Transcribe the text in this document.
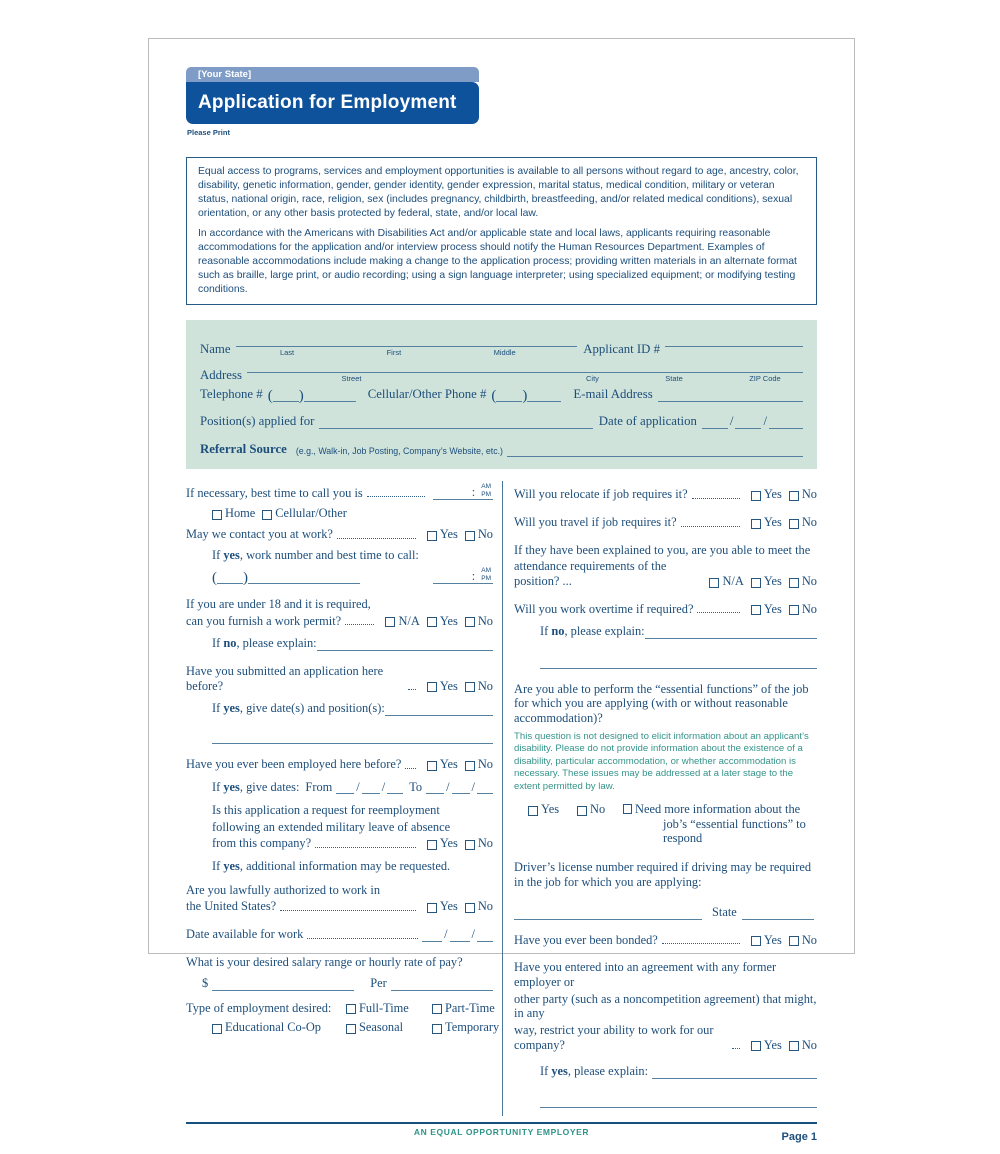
[Your State]
Application for Employment
Please Print

Equal access to programs, services and employment opportunities is available to all persons without regard to age, ancestry, color, disability, genetic information, gender, gender identity, gender expression, marital status, medical condition, military or veteran status, national origin, race, religion, sex (includes pregnancy, childbirth, breastfeeding, and/or related medical conditions), sexual orientation, or any other basis protected by federal, state, and/or local law.

In accordance with the Americans with Disabilities Act and/or applicable state and local laws, applicants requiring reasonable accommodations for the application and/or interview process should notify the Human Resources Department. Examples of reasonable accommodations include making a change to the application process; providing written materials in an alternate format such as braille, large print, or audio recording; using a sign language interpreter; using specialized equipment; or modifying testing conditions.

Name	Last	First	Middle	Applicant ID #

Address	Street	City	State	ZIP Code
Telephone # ( )	Cellular/Other Phone # ( )	E-mail Address
Position(s) applied for	Date of application	/ /
Referral Source (e.g., Walk-in, Job Posting, Company’s Website, etc.)
If necessary, best time to call you is	: AM
PM
Home Cellular/Other
May we contact you at work?	Yes No
If yes, work number and best time to call:
( )	: AM
PM
If you are under 18 and it is required,
can you furnish a work permit?	N/A Yes No
If no, please explain:
Have you submitted an application here before?	Yes No
If yes, give date(s) and position(s):
Have you ever been employed here before?	Yes No
If yes, give dates: From / / To / /
Is this application a request for reemployment
following an extended military leave of absence
from this company?	Yes No
If yes, additional information may be requested.
Are you lawfully authorized to work in
the United States?	Yes No
Date available for work	/ /
What is your desired salary range or hourly rate of pay?
$	Per
Type of employment desired:	Full-Time	Part-Time
Educational Co-Op	Seasonal	Temporary
Will you relocate if job requires it?	Yes No
Will you travel if job requires it?	Yes No
If they have been explained to you, are you able to meet the
attendance requirements of the position? ...	N/A Yes No
Will you work overtime if required?	Yes No
If no, please explain:
Are you able to perform the “essential functions” of the job for which you are applying (with or without reasonable accommodation)?
This question is not designed to elicit information about an applicant’s disability. Please do not provide information about the existence of a disability, particular accommodation, or whether accommodation is necessary. These issues may be addressed at a later stage to the extent permitted by law.
Yes	No Need more information about the
job’s “essential functions” to respond
Driver’s license number required if driving may be required in the job for which you are applying:
State
Have you ever been bonded?	Yes No
Have you entered into an agreement with any former employer or
other party (such as a noncompetition agreement) that might, in any
way, restrict your ability to work for our company?	Yes No
If yes, please explain:
AN EQUAL OPPORTUNITY EMPLOYER	Page 1
